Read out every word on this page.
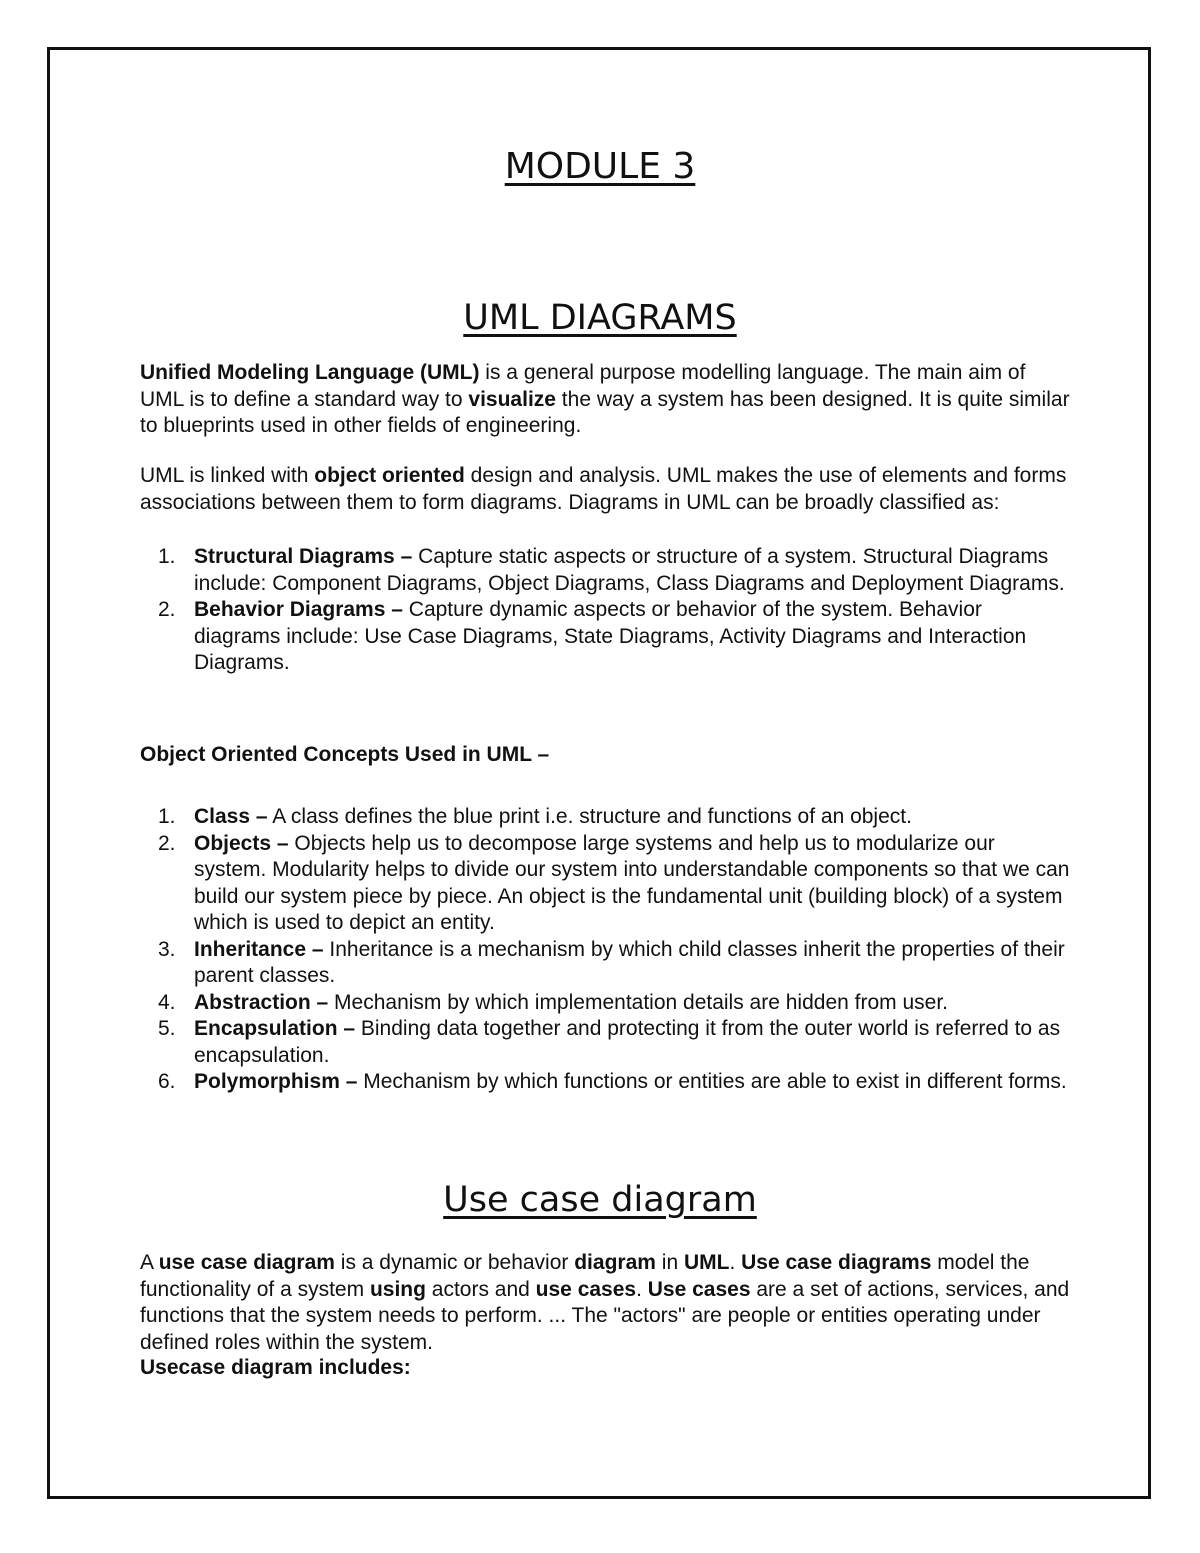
MODULE 3
UML DIAGRAMS

Unified Modeling Language (UML) is a general purpose modelling language. The main aim of UML is to define a standard way to visualize the way a system has been designed. It is quite similar to blueprints used in other fields of engineering.

UML is linked with object oriented design and analysis. UML makes the use of elements and forms associations between them to form diagrams. Diagrams in UML can be broadly classified as:

1. Structural Diagrams – Capture static aspects or structure of a system. Structural Diagrams include: Component Diagrams, Object Diagrams, Class Diagrams and Deployment Diagrams.
2. Behavior Diagrams – Capture dynamic aspects or behavior of the system. Behavior diagrams include: Use Case Diagrams, State Diagrams, Activity Diagrams and Interaction Diagrams.

Object Oriented Concepts Used in UML –

1. Class – A class defines the blue print i.e. structure and functions of an object.
2. Objects – Objects help us to decompose large systems and help us to modularize our system. Modularity helps to divide our system into understandable components so that we can build our system piece by piece. An object is the fundamental unit (building block) of a system which is used to depict an entity.
3. Inheritance – Inheritance is a mechanism by which child classes inherit the properties of their parent classes.
4. Abstraction – Mechanism by which implementation details are hidden from user.
5. Encapsulation – Binding data together and protecting it from the outer world is referred to as encapsulation.
6. Polymorphism – Mechanism by which functions or entities are able to exist in different forms.
Use case diagram

A use case diagram is a dynamic or behavior diagram in UML. Use case diagrams model the functionality of a system using actors and use cases. Use cases are a set of actions, services, and functions that the system needs to perform. ... The "actors" are people or entities operating under defined roles within the system.

Usecase diagram includes:
